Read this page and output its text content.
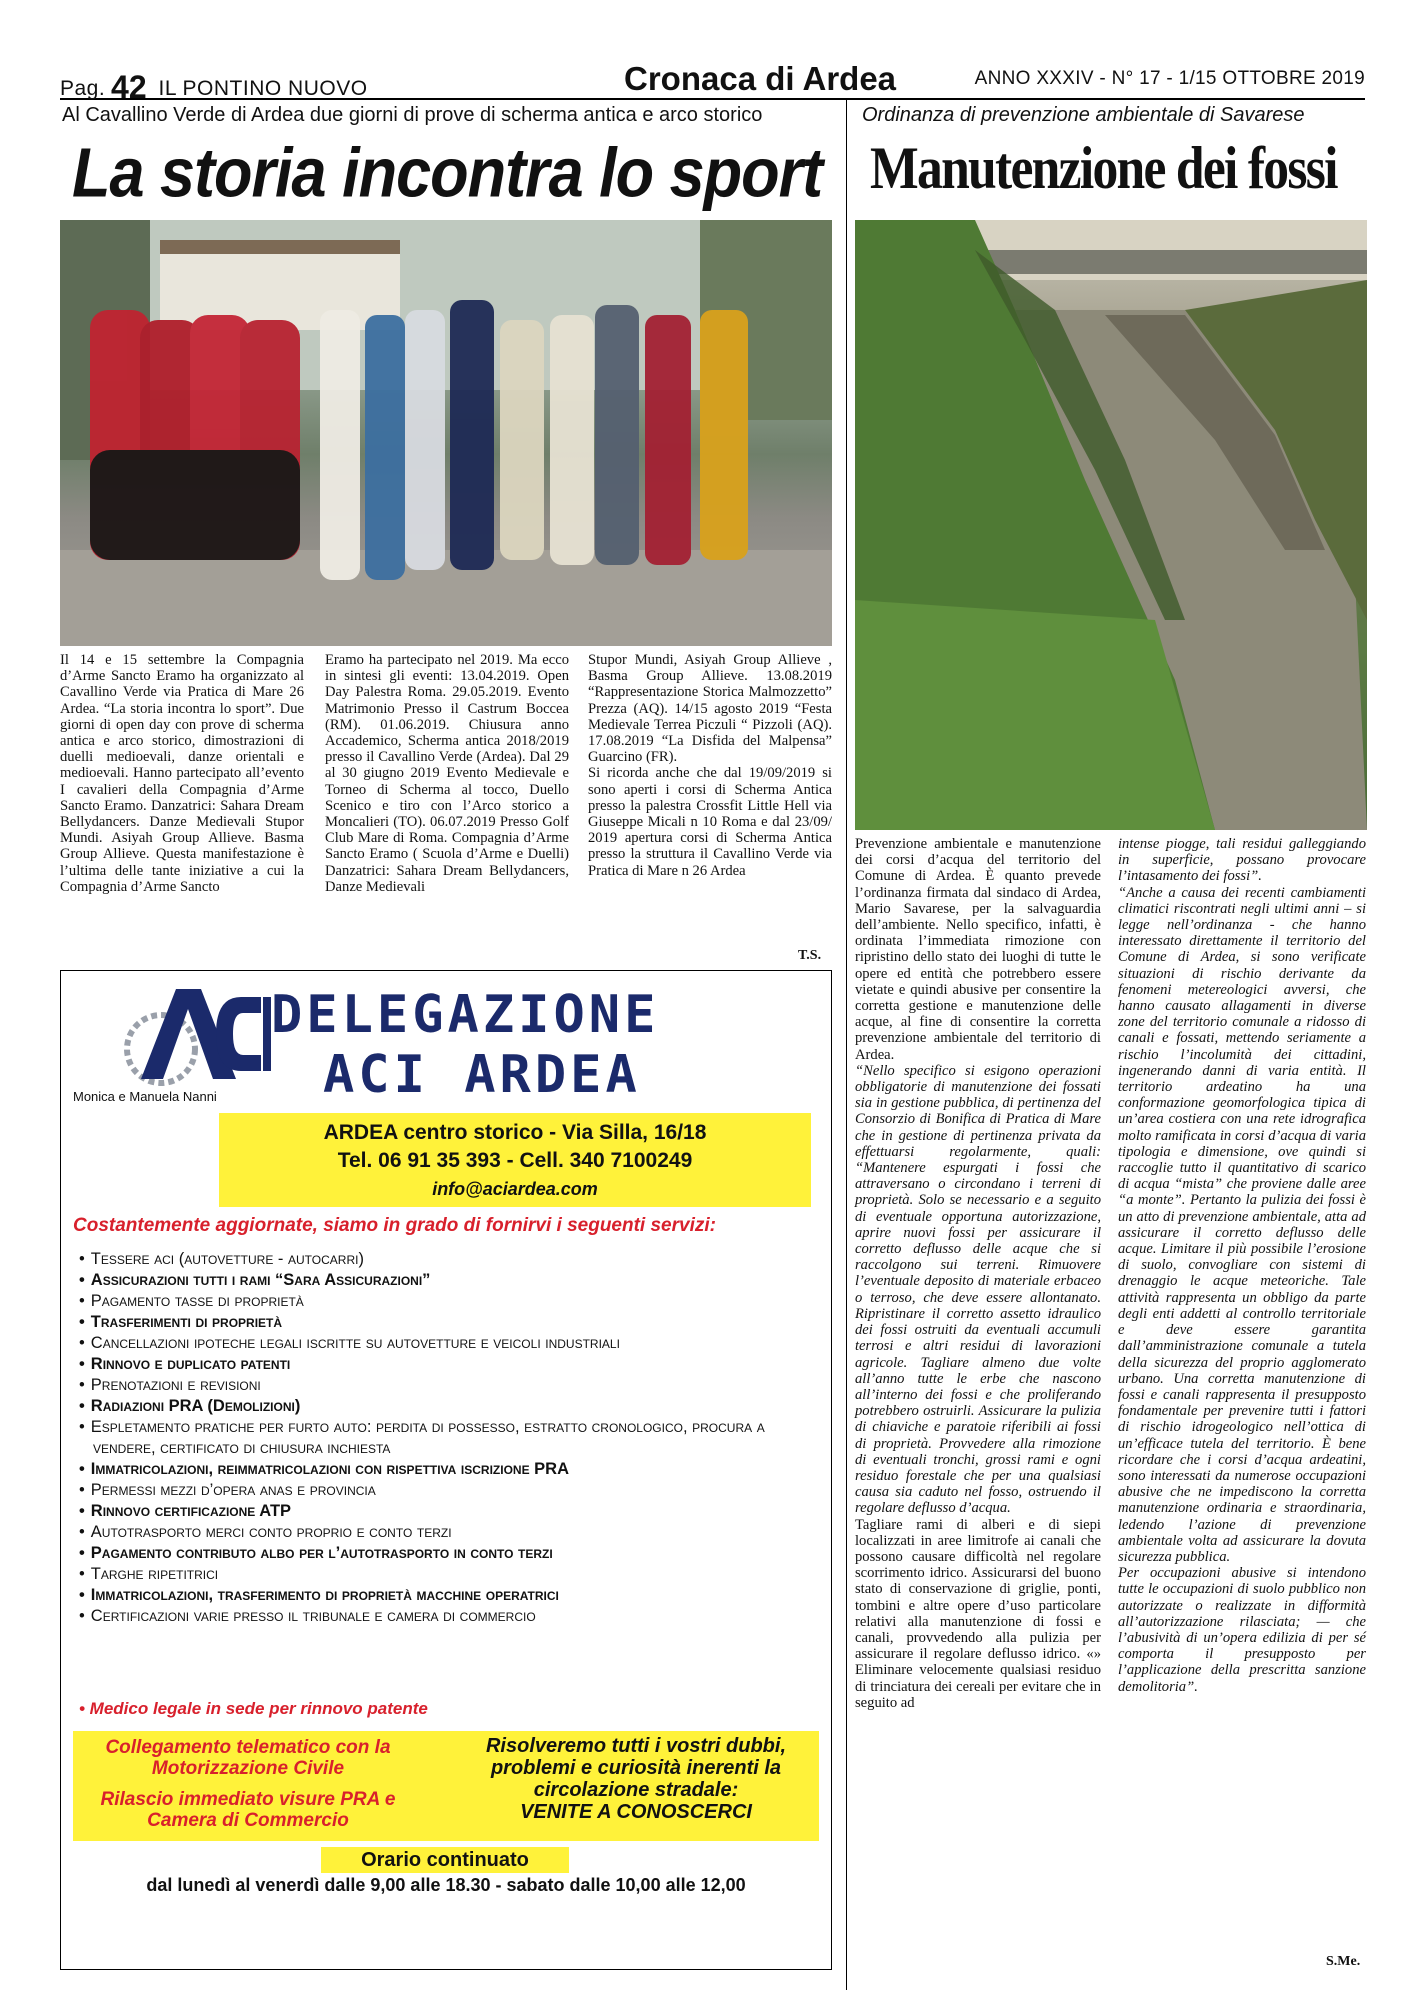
Pag. 42 IL PONTINO NUOVO	Cronaca di Ardea	ANNO XXXIV - N° 17 - 1/15 OTTOBRE 2019
Al Cavallino Verde di Ardea due giorni di prove di scherma antica e arco storico
La storia incontra lo sport

Il 14 e 15 settembre la Compagnia d’Arme Sancto Eramo ha organizzato al Cavallino Verde via Pratica di Mare 26 Ardea. “La storia incontra lo sport”. Due giorni di open day con prove di scherma antica e arco storico, dimostrazioni di duelli medioevali, danze orientali e medioevali. Hanno partecipato all’evento I cavalieri della Compagnia d’Arme Sancto Eramo. Danzatrici: Sahara Dream Bellydancers. Danze Medievali Stupor Mundi. Asiyah Group Allieve. Basma Group Allieve. Questa manifestazione è l’ultima delle tante iniziative a cui la Compagnia d’Arme Sancto

Eramo ha partecipato nel 2019. Ma ecco in sintesi gli eventi: 13.04.2019. Open Day Palestra Roma. 29.05.2019. Evento Matrimonio Presso il Castrum Boccea (RM). 01.06.2019. Chiusura anno Accademico, Scherma antica 2018/2019 presso il Cavallino Verde (Ardea). Dal 29 al 30 giugno 2019 Evento Medievale e Torneo di Scherma al tocco, Duello Scenico e tiro con l’Arco storico a Moncalieri (TO). 06.07.2019 Presso Golf Club Mare di Roma. Compagnia d’Arme Sancto Eramo ( Scuola d’Arme e Duelli) Danzatrici: Sahara Dream Bellydancers, Danze Medievali

Stupor Mundi, Asiyah Group Allieve , Basma Group Allieve. 13.08.2019 “Rappresentazione Storica Malmozzetto” Prezza (AQ). 14/15 agosto 2019 “Festa Medievale Terrea Piczuli “ Pizzoli (AQ). 17.08.2019 “La Disfida del Malpensa” Guarcino (FR).

Si ricorda anche che dal 19/09/2019 si sono aperti i corsi di Scherma Antica presso la palestra Crossfit Little Hell via Giuseppe Micali n 10 Roma e dal 23/09/ 2019 apertura corsi di Scherma Antica presso la struttura il Cavallino Verde via Pratica di Mare n 26 Ardea

T.S.
Ordinanza di prevenzione ambientale di Savarese
Manutenzione dei fossi

Prevenzione ambientale e manutenzione dei corsi d’acqua del territorio del Comune di Ardea. È quanto prevede l’ordinanza firmata dal sindaco di Ardea, Mario Savarese, per la salvaguardia dell’ambiente. Nello specifico, infatti, è ordinata l’immediata rimozione con ripristino dello stato dei luoghi di tutte le opere ed entità che potrebbero essere vietate e quindi abusive per consentire la corretta gestione e manutenzione delle acque, al fine di consentire la corretta prevenzione ambientale del territorio di Ardea.

“Nello specifico si esigono operazioni obbligatorie di manutenzione dei fossati sia in gestione pubblica, di pertinenza del Consorzio di Bonifica di Pratica di Mare che in gestione di pertinenza privata da effettuarsi regolarmente, quali: “Mantenere espurgati i fossi che attraversano o circondano i terreni di proprietà. Solo se necessario e a seguito di eventuale opportuna autorizzazione, aprire nuovi fossi per assicurare il corretto deflusso delle acque che si raccolgono sui terreni. Rimuovere l’eventuale deposito di materiale erbaceo o terroso, che deve essere allontanato. Ripristinare il corretto assetto idraulico dei fossi ostruiti da eventuali accumuli terrosi e altri residui di lavorazioni agricole. Tagliare almeno due volte all’anno tutte le erbe che nascono all’interno dei fossi e che proliferando potrebbero ostruirli. Assicurare la pulizia di chiaviche e paratoie riferibili ai fossi di proprietà. Provvedere alla rimozione di eventuali tronchi, grossi rami e ogni residuo forestale che per una qualsiasi causa sia caduto nel fosso, ostruendo il regolare deflusso d’acqua.

Tagliare rami di alberi e di siepi localizzati in aree limitrofe ai canali che possono causare difficoltà nel regolare scorrimento idrico. Assicurarsi del buono stato di conservazione di griglie, ponti, tombini e altre opere d’uso particolare relativi alla manutenzione di fossi e canali, provvedendo alla pulizia per assicurare il regolare deflusso idrico. «» Eliminare velocemente qualsiasi residuo di trinciatura dei cereali per evitare che in seguito ad

intense piogge, tali residui galleggiando in superficie, possano provocare l’intasamento dei fossi”.

“Anche a causa dei recenti cambiamenti climatici riscontrati negli ultimi anni – si legge nell’ordinanza - che hanno interessato direttamente il territorio del Comune di Ardea, si sono verificate situazioni di rischio derivante da fenomeni metereologici avversi, che hanno causato allagamenti in diverse zone del territorio comunale a ridosso di canali e fossati, mettendo seriamente a rischio l’incolumità dei cittadini, ingenerando danni di varia entità. Il territorio ardeatino ha una conformazione geomorfologica tipica di un’area costiera con una rete idrografica molto ramificata in corsi d’acqua di varia tipologia e dimensione, ove quindi si raccoglie tutto il quantitativo di scarico di acqua “mista” che proviene dalle aree “a monte”. Pertanto la pulizia dei fossi è un atto di prevenzione ambientale, atta ad assicurare il corretto deflusso delle acque. Limitare il più possibile l’erosione di suolo, convogliare con sistemi di drenaggio le acque meteoriche. Tale attività rappresenta un obbligo da parte degli enti addetti al controllo territoriale e deve essere garantita dall’amministrazione comunale a tutela della sicurezza del proprio agglomerato urbano. Una corretta manutenzione di fossi e canali rappresenta il presupposto fondamentale per prevenire tutti i fattori di rischio idrogeologico nell’ottica di un’efficace tutela del territorio. È bene ricordare che i corsi d’acqua ardeatini, sono interessati da numerose occupazioni abusive che ne impediscono la corretta manutenzione ordinaria e straordinaria, ledendo l’azione di prevenzione ambientale volta ad assicurare la dovuta sicurezza pubblica.

Per occupazioni abusive si intendono tutte le occupazioni di suolo pubblico non autorizzate o realizzate in difformità all’autorizzazione rilasciata; — che l’abusività di un’opera edilizia di per sé comporta il presupposto per l’applicazione della prescritta sanzione demolitoria”.

S.Me.
ACI
DELEGAZIONE
ACI ARDEA
Monica e Manuela Nanni
ARDEA centro storico - Via Silla, 16/18
Tel. 06 91 35 393 - Cell. 340 7100249
info@aciardea.com
Costantemente aggiornate, siamo in grado di fornirvi i seguenti servizi:
• Tessere aci (autovetture - autocarri)
• Assicurazioni tutti i rami “Sara Assicurazioni”
• Pagamento tasse di proprietà
• Trasferimenti di proprietà
• Cancellazioni ipoteche legali iscritte su autovetture e veicoli industriali
• Rinnovo e duplicato patenti
• Prenotazioni e revisioni
• Radiazioni PRA (Demolizioni)
• Espletamento pratiche per furto auto: perdita di possesso, estratto cronologico, procura a vendere, certificato di chiusura inchiesta
• Immatricolazioni, reimmatricolazioni con rispettiva iscrizione PRA
• Permessi mezzi d’opera anas e provincia
• Rinnovo certificazione ATP
• Autotrasporto merci conto proprio e conto terzi
• Pagamento contributo albo per l’autotrasporto in conto terzi
• Targhe ripetitrici
• Immatricolazioni, trasferimento di proprietà macchine operatrici
• Certificazioni varie presso il tribunale e camera di commercio
• Medico legale in sede per rinnovo patente
Collegamento telematico con la Motorizzazione Civile
Rilascio immediato visure PRA e Camera di Commercio
Risolveremo tutti i vostri dubbi, problemi e curiosità inerenti la circolazione stradale:
VENITE A CONOSCERCI
Orario continuato
dal lunedì al venerdì dalle 9,00 alle 18.30 - sabato dalle 10,00 alle 12,00
